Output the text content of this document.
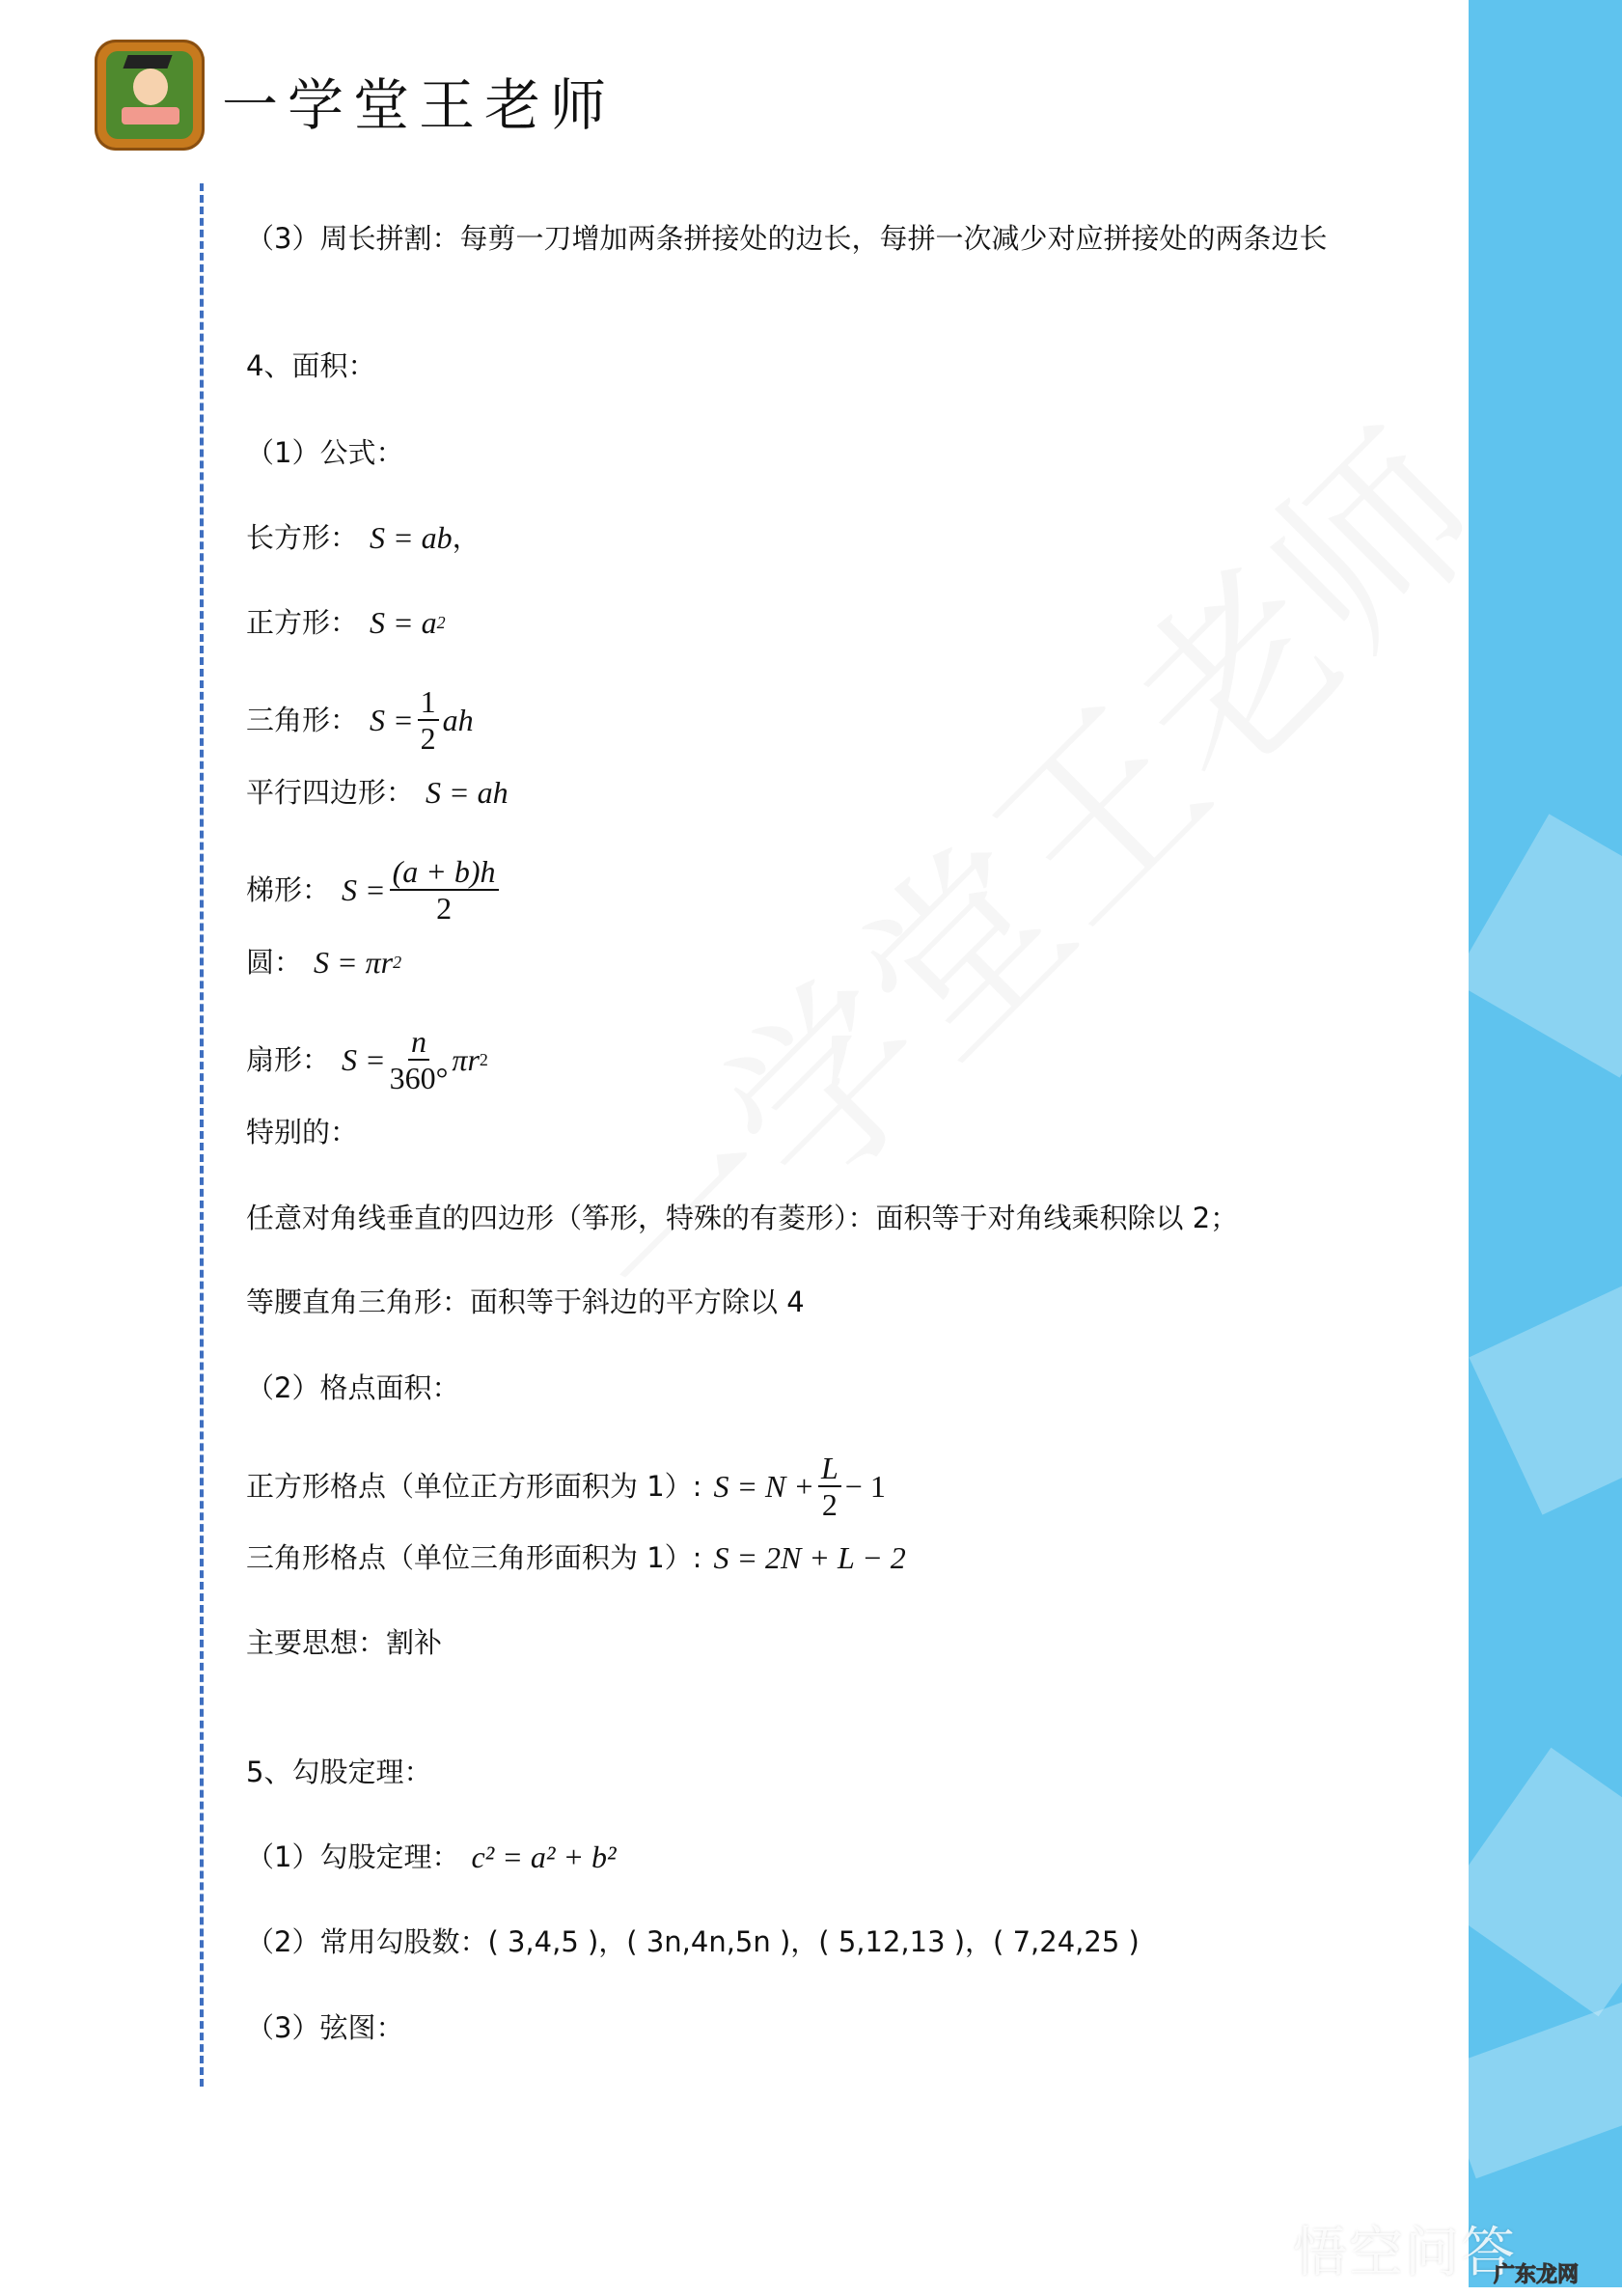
一学堂王老师
（3）周长拼割：每剪一刀增加两条拼接处的边长，每拼一次减少对应拼接处的两条边长
4、面积：
（1）公式：
长方形： S = ab ，
正方形： S = a 2
三角形： $S = \frac{1}{2}$ ah
平行四边形： S = ah
梯形： $S = \frac{(a + b)h}{2}$
圆： S = πr 2
扇形： $S = \frac{n}{360^\circ}$ πr 2
特别的：
任意对角线垂直的四边形（筝形，特殊的有菱形）：面积等于对角线乘积除以 2；
等腰直角三角形：面积等于斜边的平方除以 4
（2）格点面积：
正方形格点（单位正方形面积为 1）: $S = N + \frac{L}{2} - 1$
三角形格点（单位三角形面积为 1）: S = 2N + L − 2
主要思想：割补
5、勾股定理：
（1）勾股定理： c² = a² + b²
（2）常用勾股数：( 3,4,5 )，( 3n,4n,5n )，( 5,12,13 )，( 7,24,25 )
（3）弦图：
悟空问答
广东龙网
